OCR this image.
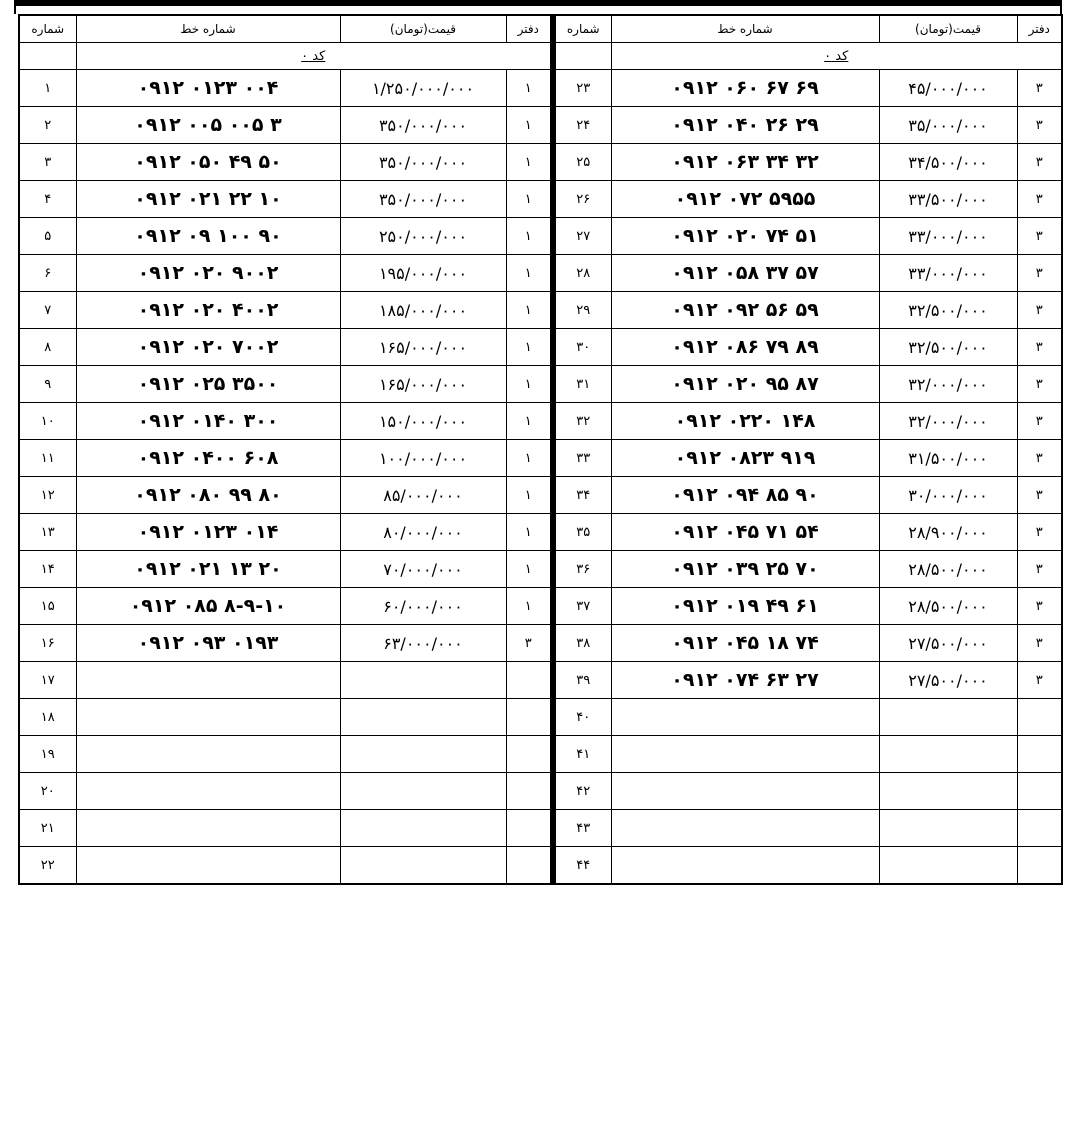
شماره	شماره خط	قیمت(تومان)	دفتر
	کد ۰		
۱	۰۹۱۲ ۰۱۲۳ ۰۰۴	۱/۲۵۰/۰۰۰/۰۰۰	۱
۲	۰۹۱۲ ۰۰۵ ۰۰۵ ۳	۳۵۰/۰۰۰/۰۰۰	۱
۳	۰۹۱۲ ۰۵۰ ۴۹ ۵۰	۳۵۰/۰۰۰/۰۰۰	۱
۴	۰۹۱۲ ۰۲۱ ۲۲ ۱۰	۳۵۰/۰۰۰/۰۰۰	۱
۵	۰۹۱۲ ۰۹ ۱۰۰ ۹۰	۲۵۰/۰۰۰/۰۰۰	۱
۶	۰۹۱۲ ۰۲۰ ۹۰۰۲	۱۹۵/۰۰۰/۰۰۰	۱
۷	۰۹۱۲ ۰۲۰ ۴۰۰۲	۱۸۵/۰۰۰/۰۰۰	۱
۸	۰۹۱۲ ۰۲۰ ۷۰۰۲	۱۶۵/۰۰۰/۰۰۰	۱
۹	۰۹۱۲ ۰۲۵ ۳۵۰۰	۱۶۵/۰۰۰/۰۰۰	۱
۱۰	۰۹۱۲ ۰۱۴۰ ۳۰۰	۱۵۰/۰۰۰/۰۰۰	۱
۱۱	۰۹۱۲ ۰۴۰۰ ۶۰۸	۱۰۰/۰۰۰/۰۰۰	۱
۱۲	۰۹۱۲ ۰۸۰ ۹۹ ۸۰	۸۵/۰۰۰/۰۰۰	۱
۱۳	۰۹۱۲ ۰۱۲۳ ۰۱۴	۸۰/۰۰۰/۰۰۰	۱
۱۴	۰۹۱۲ ۰۲۱ ۱۳ ۲۰	۷۰/۰۰۰/۰۰۰	۱
۱۵	۰۹۱۲ ۰۸۵ ۸-۹-۱۰	۶۰/۰۰۰/۰۰۰	۱
۱۶	۰۹۱۲ ۰۹۳ ۰۱۹۳	۶۳/۰۰۰/۰۰۰	۳
۱۷			
۱۸			
۱۹			
۲۰			
۲۱			
۲۲			
شماره	شماره خط	قیمت(تومان)	دفتر
	کد ۰		
۲۳	۰۹۱۲ ۰۶۰ ۶۷ ۶۹	۴۵/۰۰۰/۰۰۰	۳
۲۴	۰۹۱۲ ۰۴۰ ۲۶ ۲۹	۳۵/۰۰۰/۰۰۰	۳
۲۵	۰۹۱۲ ۰۶۳ ۳۴ ۳۲	۳۴/۵۰۰/۰۰۰	۳
۲۶	۰۹۱۲ ۰۷۲ ۵۹۵۵	۳۳/۵۰۰/۰۰۰	۳
۲۷	۰۹۱۲ ۰۲۰ ۷۴ ۵۱	۳۳/۰۰۰/۰۰۰	۳
۲۸	۰۹۱۲ ۰۵۸ ۳۷ ۵۷	۳۳/۰۰۰/۰۰۰	۳
۲۹	۰۹۱۲ ۰۹۲ ۵۶ ۵۹	۳۲/۵۰۰/۰۰۰	۳
۳۰	۰۹۱۲ ۰۸۶ ۷۹ ۸۹	۳۲/۵۰۰/۰۰۰	۳
۳۱	۰۹۱۲ ۰۲۰ ۹۵ ۸۷	۳۲/۰۰۰/۰۰۰	۳
۳۲	۰۹۱۲ ۰۲۲۰ ۱۴۸	۳۲/۰۰۰/۰۰۰	۳
۳۳	۰۹۱۲ ۰۸۲۳ ۹۱۹	۳۱/۵۰۰/۰۰۰	۳
۳۴	۰۹۱۲ ۰۹۴ ۸۵ ۹۰	۳۰/۰۰۰/۰۰۰	۳
۳۵	۰۹۱۲ ۰۴۵ ۷۱ ۵۴	۲۸/۹۰۰/۰۰۰	۳
۳۶	۰۹۱۲ ۰۳۹ ۲۵ ۷۰	۲۸/۵۰۰/۰۰۰	۳
۳۷	۰۹۱۲ ۰۱۹ ۴۹ ۶۱	۲۸/۵۰۰/۰۰۰	۳
۳۸	۰۹۱۲ ۰۴۵ ۱۸ ۷۴	۲۷/۵۰۰/۰۰۰	۳
۳۹	۰۹۱۲ ۰۷۴ ۶۳ ۲۷	۲۷/۵۰۰/۰۰۰	۳
۴۰			
۴۱			
۴۲			
۴۳			
۴۴			
